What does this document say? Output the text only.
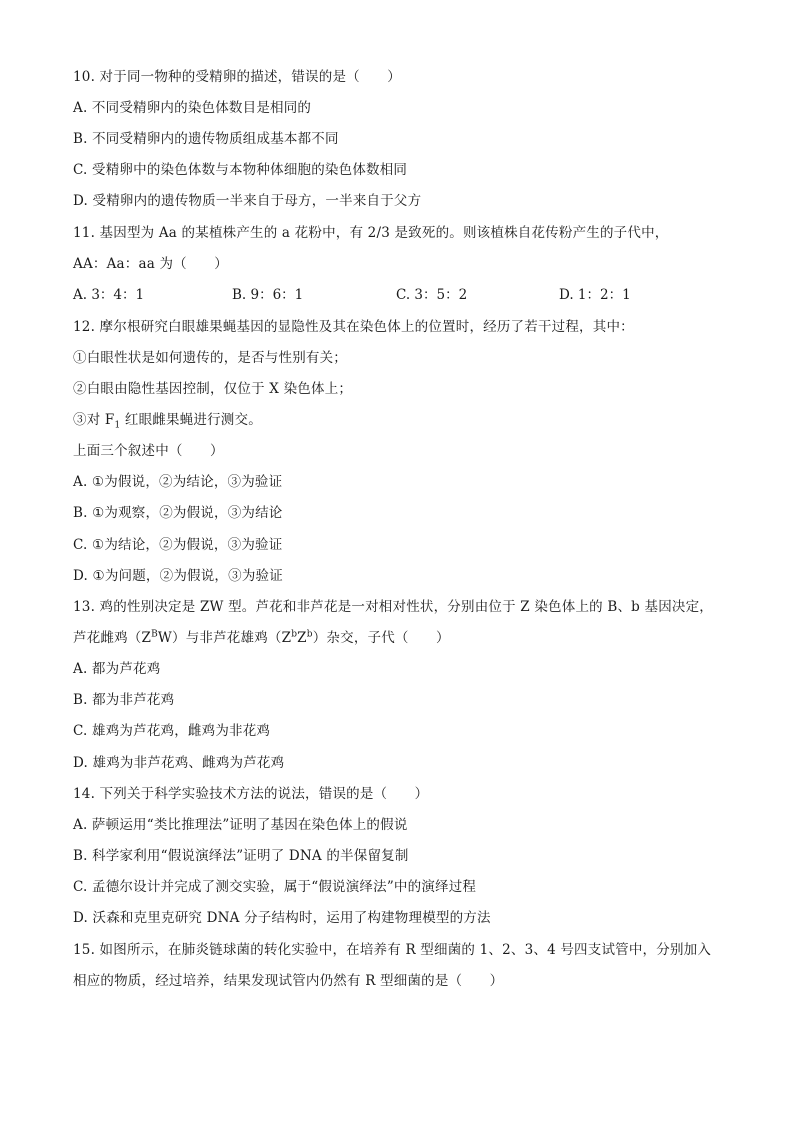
10. 对于同一物种的受精卵的描述，错误的是（　　）
A. 不同受精卵内的染色体数目是相同的
B. 不同受精卵内的遗传物质组成基本都不同
C. 受精卵中的染色体数与本物种体细胞的染色体数相同
D. 受精卵内的遗传物质一半来自于母方，一半来自于父方
11. 基因型为 Aa 的某植株产生的 a 花粉中，有 2/3 是致死的。则该植株自花传粉产生的子代中，
AA：Aa：aa 为（　　）
A. 3：4：1	B. 9：6：1	C. 3：5：2	D. 1：2：1
12. 摩尔根研究白眼雄果蝇基因的显隐性及其在染色体上的位置时，经历了若干过程，其中：
①白眼性状是如何遗传的，是否与性别有关；
②白眼由隐性基因控制，仅位于 X 染色体上；
③对 $F_1$ 红眼雌果蝇进行测交。
上面三个叙述中（　　）
A. ①为假说，②为结论，③为验证
B. ①为观察，②为假说，③为结论
C. ①为结论，②为假说，③为验证
D. ①为问题，②为假说，③为验证
13. 鸡的性别决定是 ZW 型。芦花和非芦花是一对相对性状，分别由位于 Z 染色体上的 B、b 基因决定，
芦花雌鸡$(Z^BW)$与非芦花雄鸡$(Z^bZ^b)$杂交，子代（　　）
A. 都为芦花鸡
B. 都为非芦花鸡
C. 雄鸡为芦花鸡，雌鸡为非花鸡
D. 雄鸡为非芦花鸡、雌鸡为芦花鸡
14. 下列关于科学实验技术方法的说法，错误的是（　　）
A. 萨顿运用“类比推理法”证明了基因在染色体上的假说
B. 科学家利用“假说演绎法”证明了 DNA 的半保留复制
C. 孟德尔设计并完成了测交实验，属于“假说演绎法”中的演绎过程
D. 沃森和克里克研究 DNA 分子结构时，运用了构建物理模型的方法
15. 如图所示，在肺炎链球菌的转化实验中，在培养有 R 型细菌的 1、2、3、4 号四支试管中，分别加入
相应的物质，经过培养，结果发现试管内仍然有 R 型细菌的是（　　）
